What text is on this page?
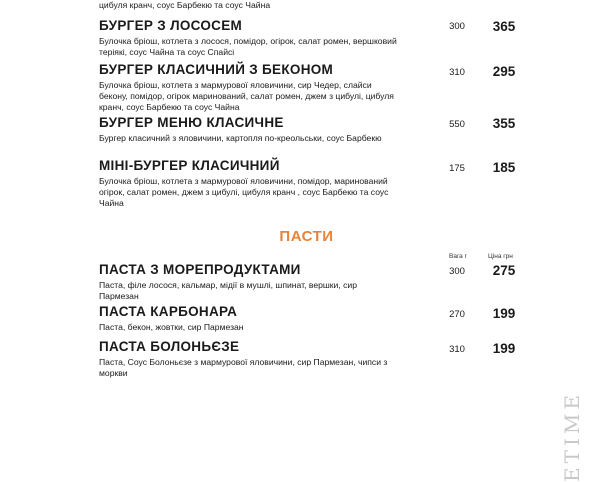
цибуля кранч, соус Барбекю та соус Чайна
БУРГЕР З ЛОСОСЕМ
Булочка бріош, котлета з лосося, помідор, огірок, салат ромен, вершковий теріякі, соус Чайна та соус Спайсі
300	365
БУРГЕР КЛАСИЧНИЙ З БЕКОНОМ
Булочка бріош, котлета з мармурової яловичини, сир Чедер, слайси бекону, помідор, огірок маринований, салат ромен, джем з цибулі, цибуля кранч, соус Барбекю та соус Чайна
310	295
БУРГЕР МЕНЮ КЛАСИЧНЕ
Бургер класичний з яловичини, картопля по-креольськи, соус Барбекю
550	355
МІНІ-БУРГЕР КЛАСИЧНИЙ
Булочка бріош, котлета з мармурової яловичини, помідор, маринований огірок, салат ромен, джем з цибулі, цибуля кранч , соус Барбекю та соус Чайна
175	185
ПАСТИ
Вага г	Ціна грн
ПАСТА З МОРЕПРОДУКТАМИ
Паста, філе лосося, кальмар, мідії в мушлі, шпинат, вершки, сир Пармезан
300	275
ПАСТА КАРБОНАРА
Паста, бекон, жовтки, сир Пармезан
270	199
ПАСТА БОЛОНЬЄЗЕ
Паста, Соус Болоньєзе з мармурової яловичини, сир Пармезан, чипси з моркви
310	199
ETIME
